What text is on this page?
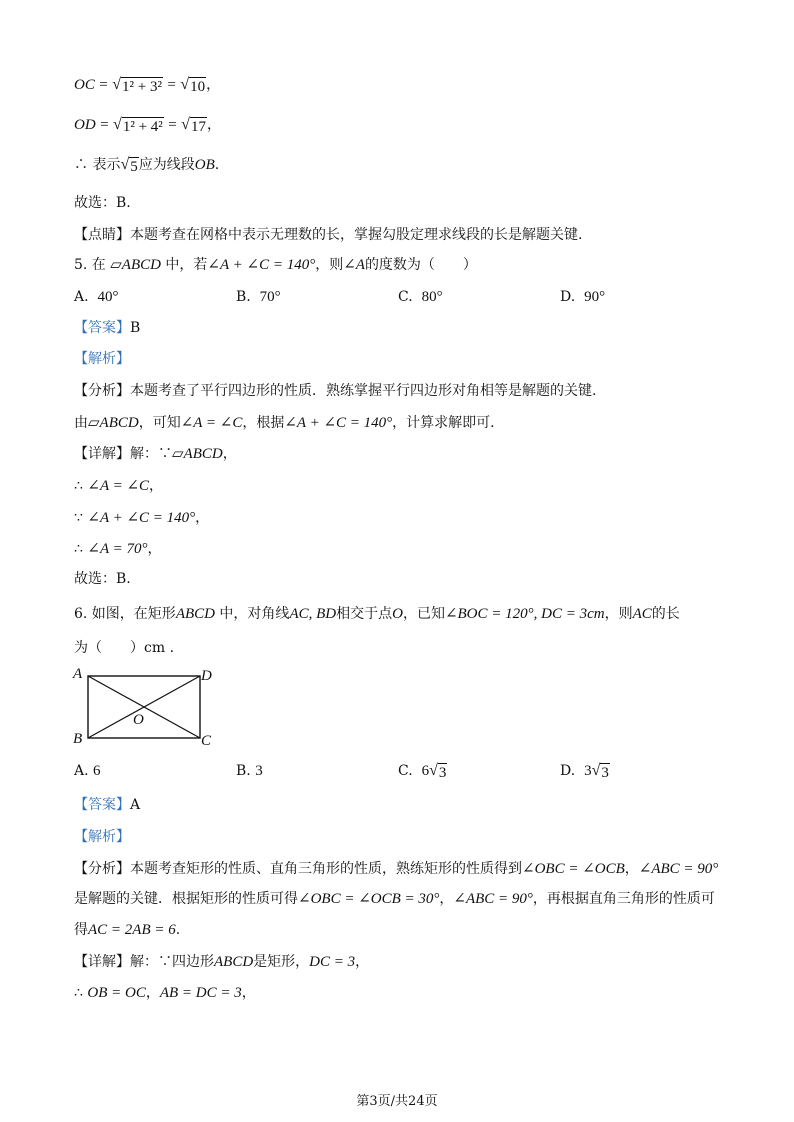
OC = √ 1² + 3² = √ 10 ，
OD = √ 1² + 4² = √ 17 ，
∴ 表示 √ 5 应为线段OB.
故选：B.
【点睛】本题考查在网格中表示无理数的长，掌握勾股定理求线段的长是解题关键.
5. 在 ▱ABCD 中，若∠A + ∠C = 140°，则∠A的度数为（　　）
A. 40°	B. 70°	C. 80°	D. 90°
【答案】B
【解析】
【分析】本题考查了平行四边形的性质．熟练掌握平行四边形对角相等是解题的关键.
由▱ABCD，可知∠A = ∠C，根据∠A + ∠C = 140°，计算求解即可.
【详解】解：∵▱ABCD，
∴ ∠A = ∠C，
∵ ∠A + ∠C = 140°，
∴ ∠A = 70°，
故选：B.
6. 如图，在矩形ABCD 中，对角线AC, BD相交于点O，已知∠BOC = 120°, DC = 3cm，则AC的长
为（　　）cm .
A	D
B	C
O
A. 6	B. 3	C. 6 √ 3	D. 3 √ 3
【答案】A
【解析】
【分析】本题考查矩形的性质、直角三角形的性质，熟练矩形的性质得到∠OBC = ∠OCB，∠ABC = 90°
是解题的关键．根据矩形的性质可得∠OBC = ∠OCB = 30°，∠ABC = 90°，再根据直角三角形的性质可
得AC = 2AB = 6.
【详解】解：∵四边形ABCD是矩形，DC = 3，
∴ OB = OC，AB = DC = 3，
第3页/共24页
